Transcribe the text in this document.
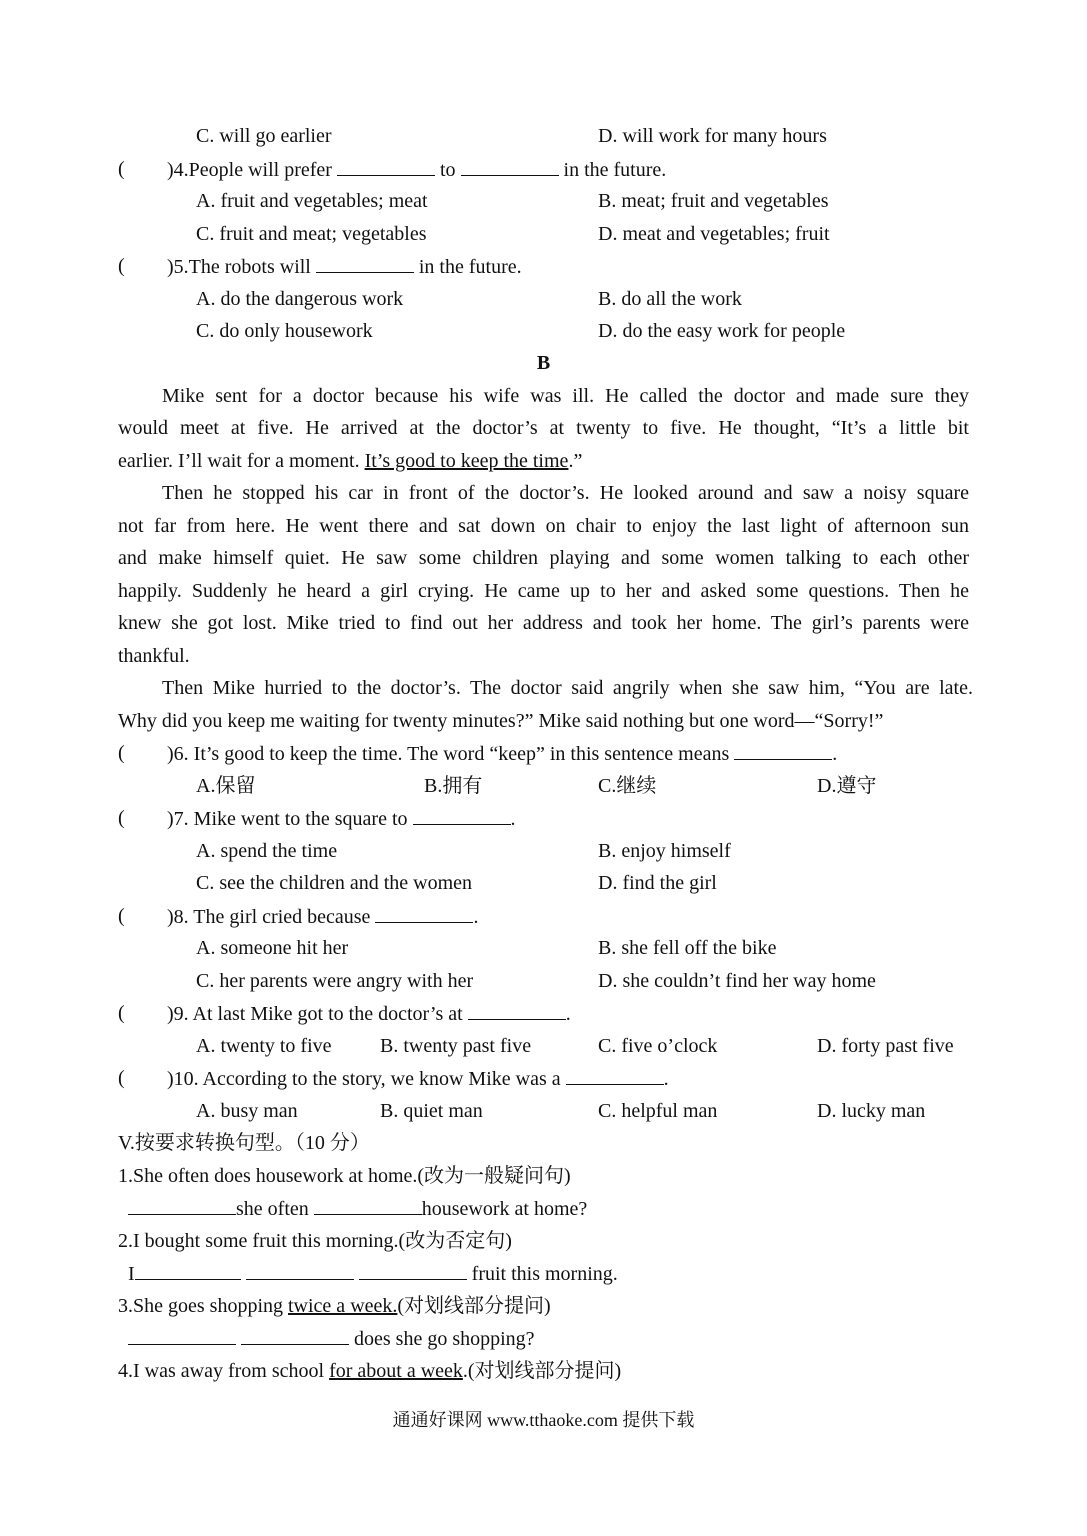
C. will go earlier	D. will work for many hours
( )4.People will prefer	to	in the future.
A. fruit and vegetables; meat	B. meat; fruit and vegetables
C. fruit and meat; vegetables	D. meat and vegetables; fruit
( )5.The robots will	in the future.
A. do the dangerous work	B. do all the work
C. do only housework	D. do the easy work for people
B
Mike sent for a doctor because his wife was ill. He called the doctor and made sure they
would meet at five. He arrived at the doctor’s at twenty to five. He thought, “It’s a little bit
earlier. I’ll wait for a moment. It’s good to keep the time.”
Then he stopped his car in front of the doctor’s. He looked around and saw a noisy square
not far from here. He went there and sat down on chair to enjoy the last light of afternoon sun
and make himself quiet. He saw some children playing and some women talking to each other
happily. Suddenly he heard a girl crying. He came up to her and asked some questions. Then he
knew she got lost. Mike tried to find out her address and took her home. The girl’s parents were
thankful.
Then Mike hurried to the doctor’s. The doctor said angrily when she saw him, “You are late.
Why did you keep me waiting for twenty minutes?” Mike said nothing but one word—“Sorry!”
( )6. It’s good to keep the time. The word “keep” in this sentence means	.
A.保留	B.拥有	C.继续	D.遵守
( )7. Mike went to the square to	.
A. spend the time	B. enjoy himself
C. see the children and the women	D. find the girl
( )8. The girl cried because	.
A. someone hit her	B. she fell off the bike
C. her parents were angry with her	D. she couldn’t find her way home
( )9. At last Mike got to the doctor’s at	.
A. twenty to five B. twenty past five	C. five o’clock	D. forty past five
( )10. According to the story, we know Mike was a	.
A. busy man	B. quiet man	C. helpful man	D. lucky man
V.按要求转换句型。（10 分）
1.She often does housework at home.(改为一般疑问句)
she often	housework at home?
2.I bought some fruit this morning.(改为否定句)
I	fruit this morning.
3.She goes shopping twice a week.(对划线部分提问)
does she go shopping?
4.I was away from school for about a week.(对划线部分提问)
通通好课网 www.tthaoke.com 提供下载
